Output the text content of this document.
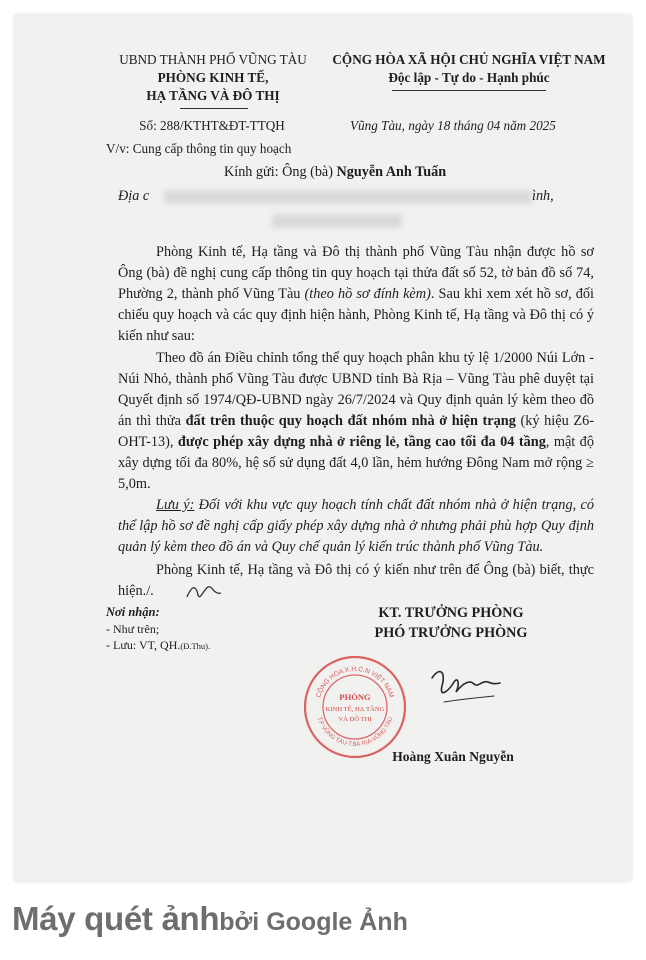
UBND THÀNH PHỐ VŨNG TÀU
PHÒNG KINH TẾ,
HẠ TẦNG VÀ ĐÔ THỊ
Số: 288/KTHT&ĐT-TTQH
V/v: Cung cấp thông tin quy hoạch
CỘNG HÒA XÃ HỘI CHỦ NGHĨA VIỆT NAM
Độc lập - Tự do - Hạnh phúc
Vũng Tàu, ngày 18 tháng 04 năm 2025
Kính gửi: Ông (bà) Nguyễn Anh Tuấn
Địa c	ình,

Phòng Kinh tế, Hạ tầng và Đô thị thành phố Vũng Tàu nhận được hồ sơ Ông (bà) đề nghị cung cấp thông tin quy hoạch tại thửa đất số 52, tờ bản đồ số 74, Phường 2, thành phố Vũng Tàu (theo hồ sơ đính kèm). Sau khi xem xét hồ sơ, đối chiếu quy hoạch và các quy định hiện hành, Phòng Kinh tế, Hạ tầng và Đô thị có ý kiến như sau:

Theo đồ án Điều chỉnh tổng thể quy hoạch phân khu tỷ lệ 1/2000 Núi Lớn - Núi Nhỏ, thành phố Vũng Tàu được UBND tỉnh Bà Rịa – Vũng Tàu phê duyệt tại Quyết định số 1974/QĐ-UBND ngày 26/7/2024 và Quy định quản lý kèm theo đồ án thì thửa đất trên thuộc quy hoạch đất nhóm nhà ở hiện trạng (ký hiệu Z6-OHT-13), được phép xây dựng nhà ở riêng lẻ, tầng cao tối đa 04 tầng, mật độ xây dựng tối đa 80%, hệ số sử dụng đất 4,0 lần, hẻm hướng Đông Nam mở rộng ≥ 5,0m.

Lưu ý: Đối với khu vực quy hoạch tính chất đất nhóm nhà ở hiện trạng, có thể lập hồ sơ đề nghị cấp giấy phép xây dựng nhà ở nhưng phải phù hợp Quy định quản lý kèm theo đồ án và Quy chế quản lý kiến trúc thành phố Vũng Tàu.

Phòng Kinh tế, Hạ tầng và Đô thị có ý kiến như trên để Ông (bà) biết, thực hiện./.

Nơi nhận:
- Như trên;
- Lưu: VT, QH.(Đ.Thu).
KT. TRƯỞNG PHÒNG
PHÓ TRƯỞNG PHÒNG
Hoàng Xuân Nguyễn
CỘNG HÒA X.H.C.N VIỆT NAM
T.P VŨNG TÀU-T.BÀ RỊA-VŨNG TÀU
PHÒNG
KINH TẾ, HẠ TẦNG
VÀ ĐÔ THỊ
Máy quét ảnhbởi Google Ảnh
